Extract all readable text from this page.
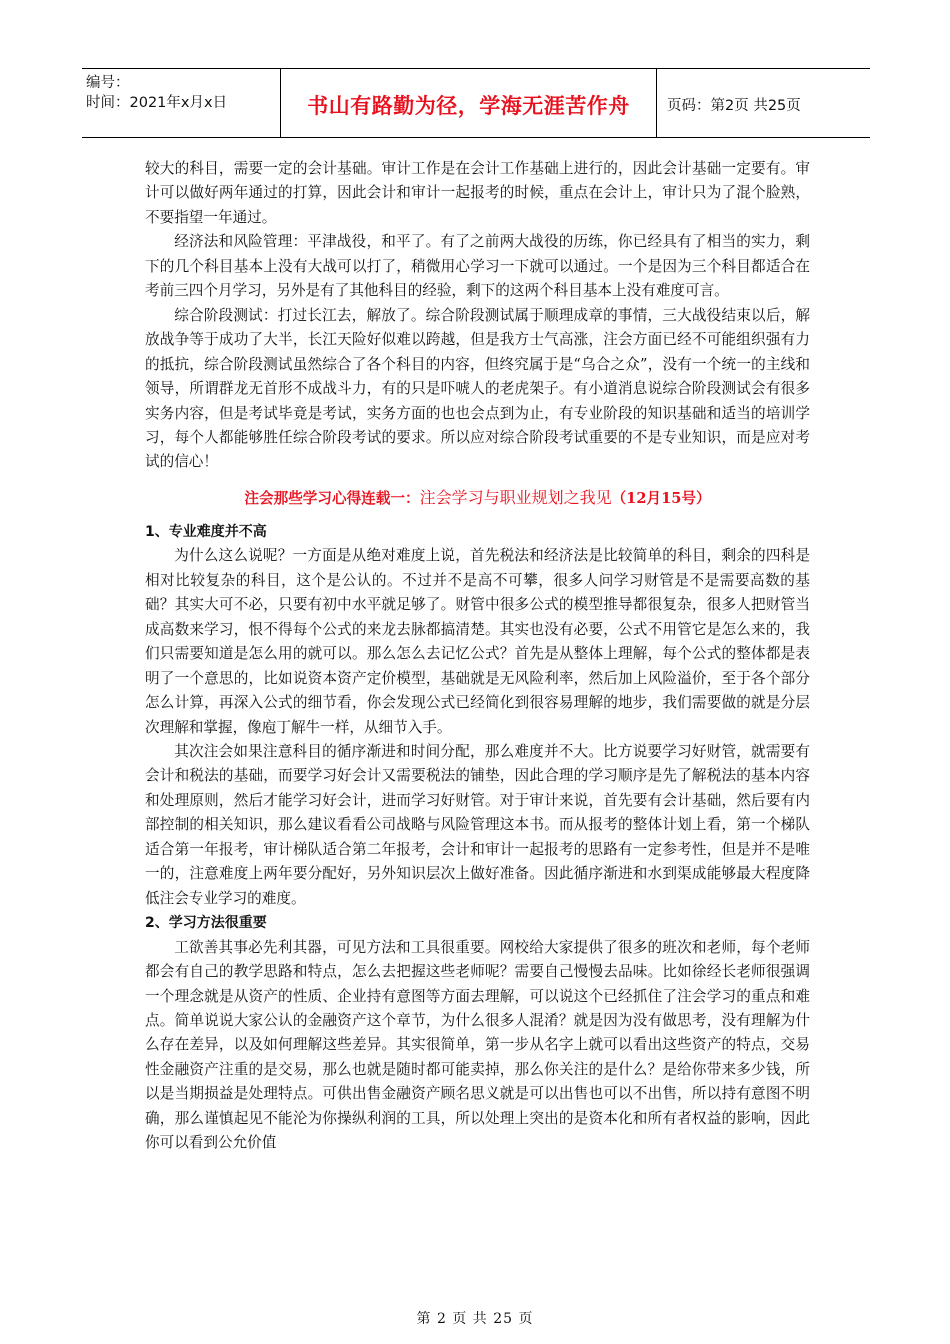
编号：
时间：2021年x月x日	书山有路勤为径，学海无涯苦作舟	页码：第2页 共25页

较大的科目，需要一定的会计基础。审计工作是在会计工作基础上进行的，因此会计基础一定要有。审计可以做好两年通过的打算，因此会计和审计一起报考的时候，重点在会计上，审计只为了混个脸熟，不要指望一年通过。

经济法和风险管理：平津战役，和平了。有了之前两大战役的历练，你已经具有了相当的实力，剩下的几个科目基本上没有大战可以打了，稍微用心学习一下就可以通过。一个是因为三个科目都适合在考前三四个月学习，另外是有了其他科目的经验，剩下的这两个科目基本上没有难度可言。

综合阶段测试：打过长江去，解放了。综合阶段测试属于顺理成章的事情，三大战役结束以后，解放战争等于成功了大半，长江天险好似难以跨越，但是我方士气高涨，注会方面已经不可能组织强有力的抵抗，综合阶段测试虽然综合了各个科目的内容，但终究属于是“乌合之众”，没有一个统一的主线和领导，所谓群龙无首形不成战斗力，有的只是吓唬人的老虎架子。有小道消息说综合阶段测试会有很多实务内容，但是考试毕竟是考试，实务方面的也也会点到为止，有专业阶段的知识基础和适当的培训学习，每个人都能够胜任综合阶段考试的要求。所以应对综合阶段考试重要的不是专业知识，而是应对考试的信心！

注会那些学习心得连载一：注会学习与职业规划之我见（12月15号）

1、专业难度并不高

为什么这么说呢？一方面是从绝对难度上说，首先税法和经济法是比较简单的科目，剩余的四科是相对比较复杂的科目，这个是公认的。不过并不是高不可攀，很多人问学习财管是不是需要高数的基础？其实大可不必，只要有初中水平就足够了。财管中很多公式的模型推导都很复杂，很多人把财管当成高数来学习，恨不得每个公式的来龙去脉都搞清楚。其实也没有必要，公式不用管它是怎么来的，我们只需要知道是怎么用的就可以。那么怎么去记忆公式？首先是从整体上理解，每个公式的整体都是表明了一个意思的，比如说资本资产定价模型，基础就是无风险利率，然后加上风险溢价，至于各个部分怎么计算，再深入公式的细节看，你会发现公式已经简化到很容易理解的地步，我们需要做的就是分层次理解和掌握，像庖丁解牛一样，从细节入手。

其次注会如果注意科目的循序渐进和时间分配，那么难度并不大。比方说要学习好财管，就需要有会计和税法的基础，而要学习好会计又需要税法的铺垫，因此合理的学习顺序是先了解税法的基本内容和处理原则，然后才能学习好会计，进而学习好财管。对于审计来说，首先要有会计基础，然后要有内部控制的相关知识，那么建议看看公司战略与风险管理这本书。而从报考的整体计划上看，第一个梯队适合第一年报考，审计梯队适合第二年报考，会计和审计一起报考的思路有一定参考性，但是并不是唯一的，注意难度上两年要分配好，另外知识层次上做好准备。因此循序渐进和水到渠成能够最大程度降低注会专业学习的难度。

2、学习方法很重要

工欲善其事必先利其器，可见方法和工具很重要。网校给大家提供了很多的班次和老师，每个老师都会有自己的教学思路和特点，怎么去把握这些老师呢？需要自己慢慢去品味。比如徐经长老师很强调一个理念就是从资产的性质、企业持有意图等方面去理解，可以说这个已经抓住了注会学习的重点和难点。简单说说大家公认的金融资产这个章节，为什么很多人混淆？就是因为没有做思考，没有理解为什么存在差异，以及如何理解这些差异。其实很简单，第一步从名字上就可以看出这些资产的特点，交易性金融资产注重的是交易，那么也就是随时都可能卖掉，那么你关注的是什么？是给你带来多少钱，所以是当期损益是处理特点。可供出售金融资产顾名思义就是可以出售也可以不出售，所以持有意图不明确，那么谨慎起见不能沦为你操纵利润的工具，所以处理上突出的是资本化和所有者权益的影响，因此你可以看到公允价值

第 2 页 共 25 页
